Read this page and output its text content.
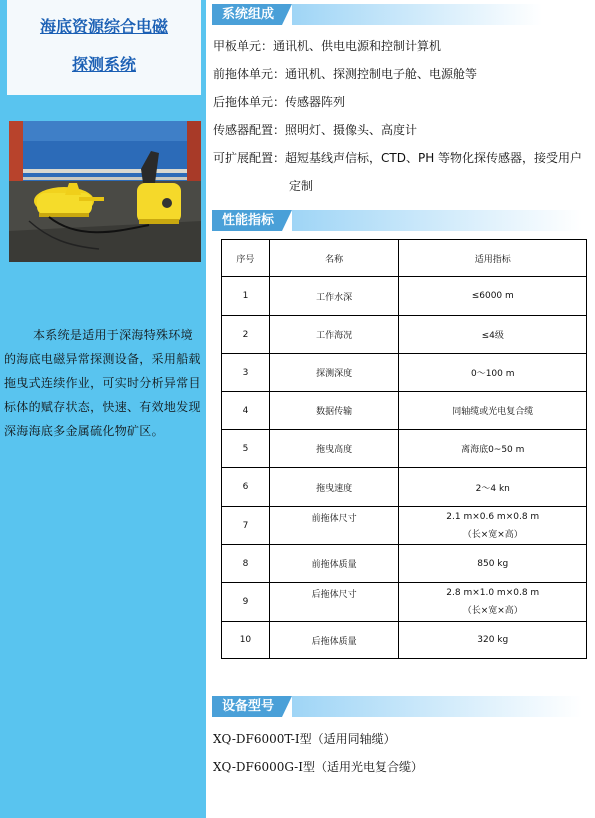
海底资源综合电磁
探测系统
本系统是适用于深海特殊环境的海底电磁异常探测设备，采用船载拖曳式连续作业，可实时分析异常目标体的赋存状态，快速、有效地发现深海海底多金属硫化物矿区。
系统组成
甲板单元：通讯机、供电电源和控制计算机
前拖体单元：通讯机、探测控制电子舱、电源舱等
后拖体单元：传感器阵列
传感器配置：照明灯、摄像头、高度计
可扩展配置：超短基线声信标，CTD、PH 等物化探传感器，接受用户
定制
性能指标
序号	名称	适用指标
1	工作水深	≤6000 m
2	工作海况	≤4级
3	探测深度	0～100 m
4	数据传输	同轴缆或光电复合缆
5	拖曳高度	离海底0~50 m
6	拖曳速度	2～4 kn
7	前拖体尺寸	2.1 m×0.6 m×0.8 m
（长×宽×高）

8	前拖体质量	850 kg
9	后拖体尺寸	2.8 m×1.0 m×0.8 m
（长×宽×高）

10	后拖体质量	320 kg
设备型号
XQ-DF6000T-I型（适用同轴缆）
XQ-DF6000G-I型（适用光电复合缆）
